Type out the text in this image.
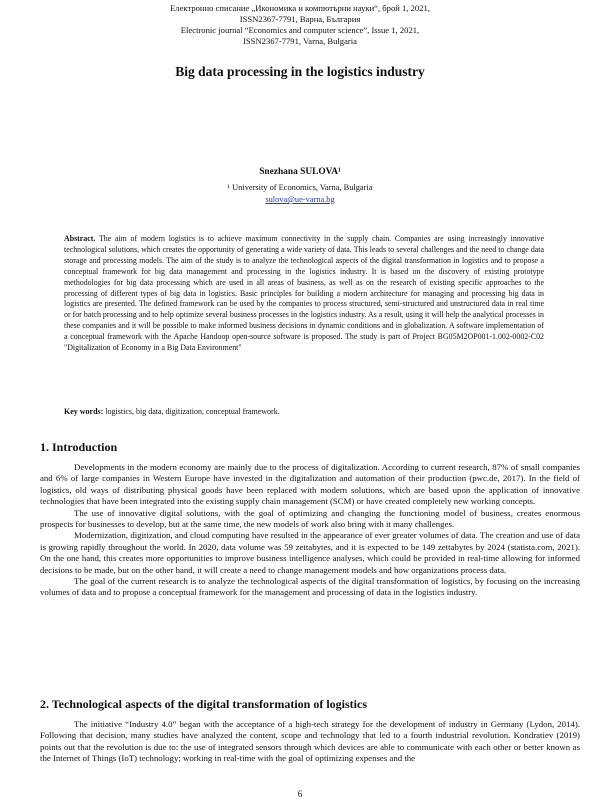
Електронно списание „Икономика и компютърни науки“, брой 1, 2021,
ISSN2367-7791, Варна, България
Electronic journal “Economics and computer science”, Issue 1, 2021,
ISSN2367-7791, Varna, Bulgaria
Big data processing in the logistics industry
Snezhana SULOVA¹
¹ University of Economics, Varna, Bulgaria
sulova@ue-varna.bg
Abstract. The aim of modern logistics is to achieve maximum connectivity in the supply chain. Companies are using increasingly innovative technological solutions, which creates the opportunity of generating a wide variety of data. This leads to several challenges and the need to change data storage and processing models. The aim of the study is to analyze the technological aspects of the digital transformation in logistics and to propose a conceptual framework for big data management and processing in the logistics industry. It is based on the discovery of existing prototype methodologies for big data processing which are used in all areas of business, as well as on the research of existing specific approaches to the processing of different types of big data in logistics. Basic principles for building a modern architecture for managing and processing big data in logistics are presented. The defined framework can be used by the companies to process structured, semi-structured and unstructured data in real time or for batch processing and to help optimize several business processes in the logistics industry. As a result, using it will help the analytical processes in these companies and it will be possible to make informed business decisions in dynamic conditions and in globalization. A software implementation of a conceptual framework with the Apache Handoop open-source software is proposed. The study is part of Project BG05M2OP001-1.002-0002-C02 "Digitalization of Economy in a Big Data Environment"
Key words: logistics, big data, digitization, conceptual framework.
1. Introduction

Developments in the modern economy are mainly due to the process of digitalization. According to current research, 87% of small companies and 6% of large companies in Western Europe have invested in the digitalization and automation of their production (pwc.de, 2017). In the field of logistics, old ways of distributing physical goods have been replaced with modern solutions, which are based upon the application of innovative technologies that have been integrated into the existing supply chain management (SCM) or have created completely new working concepts.

The use of innovative digital solutions, with the goal of optimizing and changing the functioning model of business, creates enormous prospects for businesses to develop, but at the same time, the new models of work also bring with it many challenges.

Modernization, digitization, and cloud computing have resulted in the appearance of ever greater volumes of data. The creation and use of data is growing rapidly throughout the world. In 2020, data volume was 59 zettabytes, and it is expected to be 149 zettabytes by 2024 (statista.com, 2021). On the one hand, this creates more opportunities to improve business intelligence analyses, which could be provided in real-time allowing for informed decisions to be made, but on the other hand, it will create a need to change management models and how organizations process data.

The goal of the current research is to analyze the technological aspects of the digital transformation of logistics, by focusing on the increasing volumes of data and to propose a conceptual framework for the management and processing of data in the logistics industry.

2. Technological aspects of the digital transformation of logistics

The initiative “Industry 4.0” began with the acceptance of a high-tech strategy for the development of industry in Germany (Lydon, 2014). Following that decision, many studies have analyzed the content, scope and technology that led to a fourth industrial revolution. Kondratiev (2019) points out that the revolution is due to: the use of integrated sensors through which devices are able to communicate with each other or better known as the Internet of Things (IoT) technology; working in real-time with the goal of optimizing expenses and the

6
